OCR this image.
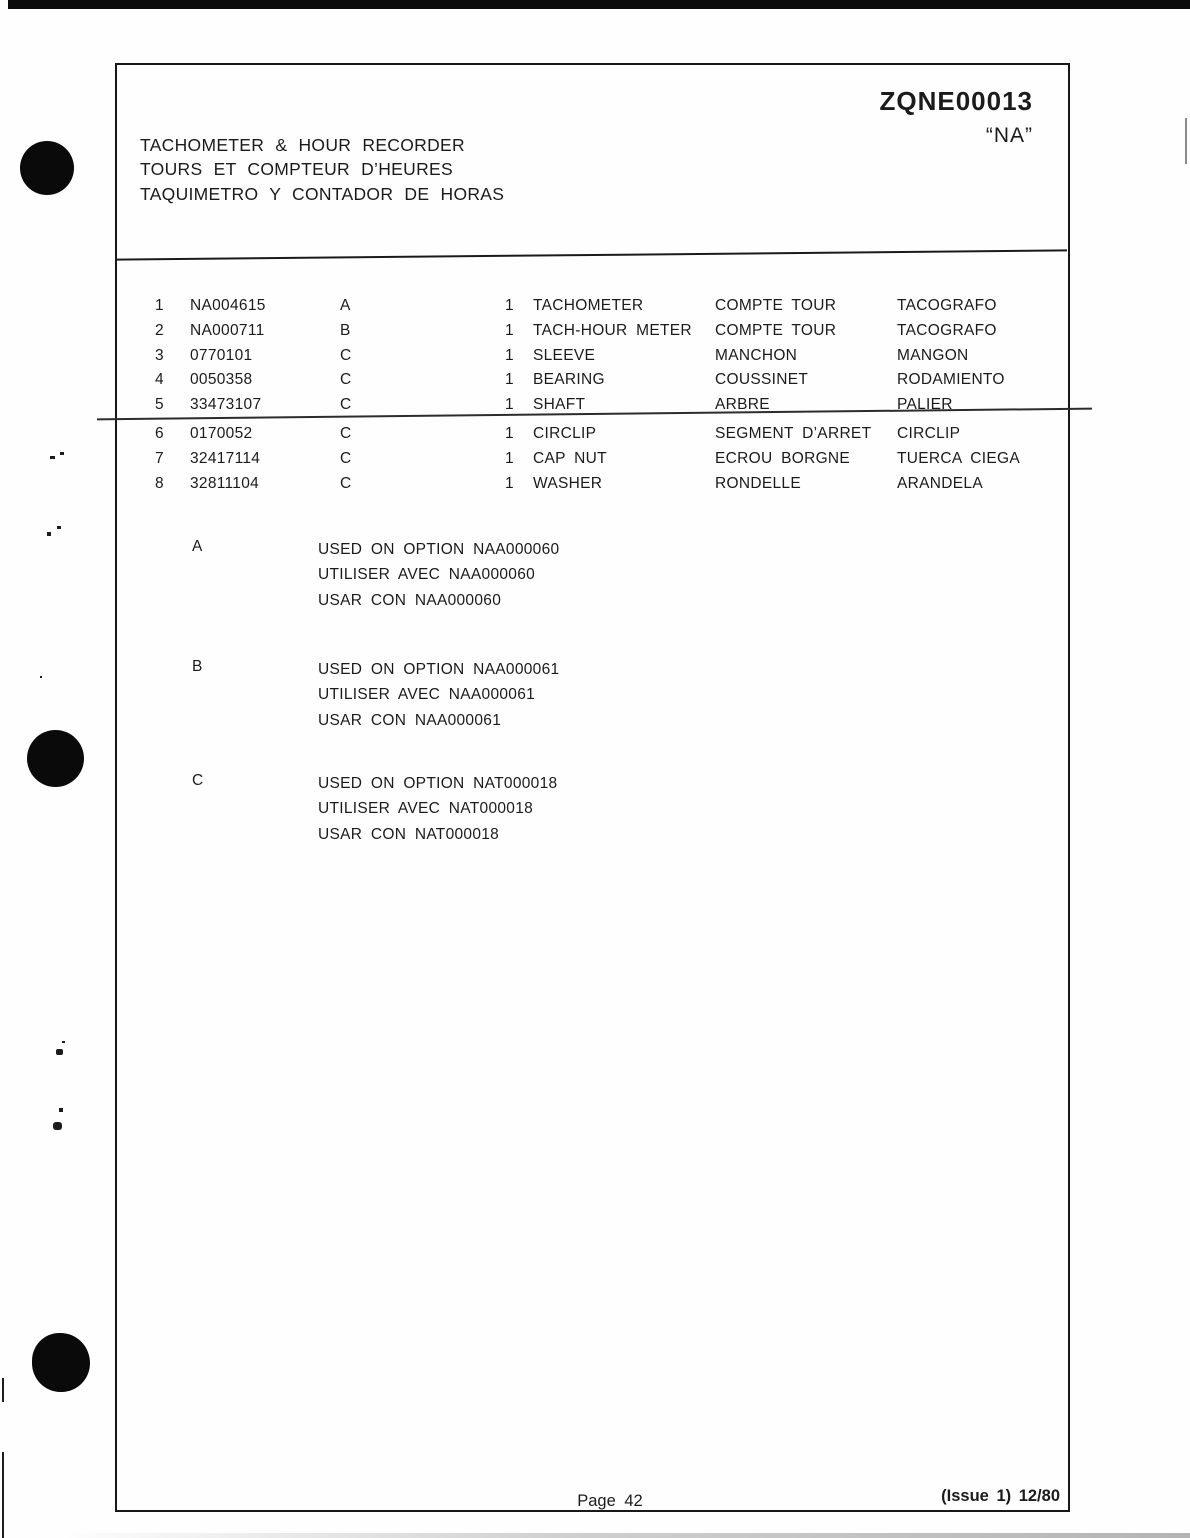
ZQNE00013
“NA”
TACHOMETER & HOUR RECORDER
TOURS ET COMPTEUR D’HEURES
TAQUIMETRO Y CONTADOR DE HORAS
1	NA004615	A	1	TACHOMETER	COMPTE TOUR	TACOGRAFO
2	NA000711	B	1	TACH-HOUR METER	COMPTE TOUR	TACOGRAFO
3	0770101	C	1	SLEEVE	MANCHON	MANGON
4	0050358	C	1	BEARING	COUSSINET	RODAMIENTO
5	33473107	C	1	SHAFT	ARBRE	PALIER
6	0170052	C	1	CIRCLIP	SEGMENT D’ARRET	CIRCLIP
7	32417114	C	1	CAP NUT	ECROU BORGNE	TUERCA CIEGA
8	32811104	C	1	WASHER	RONDELLE	ARANDELA
A	USED ON OPTION NAA000060
UTILISER AVEC NAA000060
USAR CON NAA000060
B	USED ON OPTION NAA000061
UTILISER AVEC NAA000061
USAR CON NAA000061
C	USED ON OPTION NAT000018
UTILISER AVEC NAT000018
USAR CON NAT000018
Page 42	(Issue 1) 12/80
